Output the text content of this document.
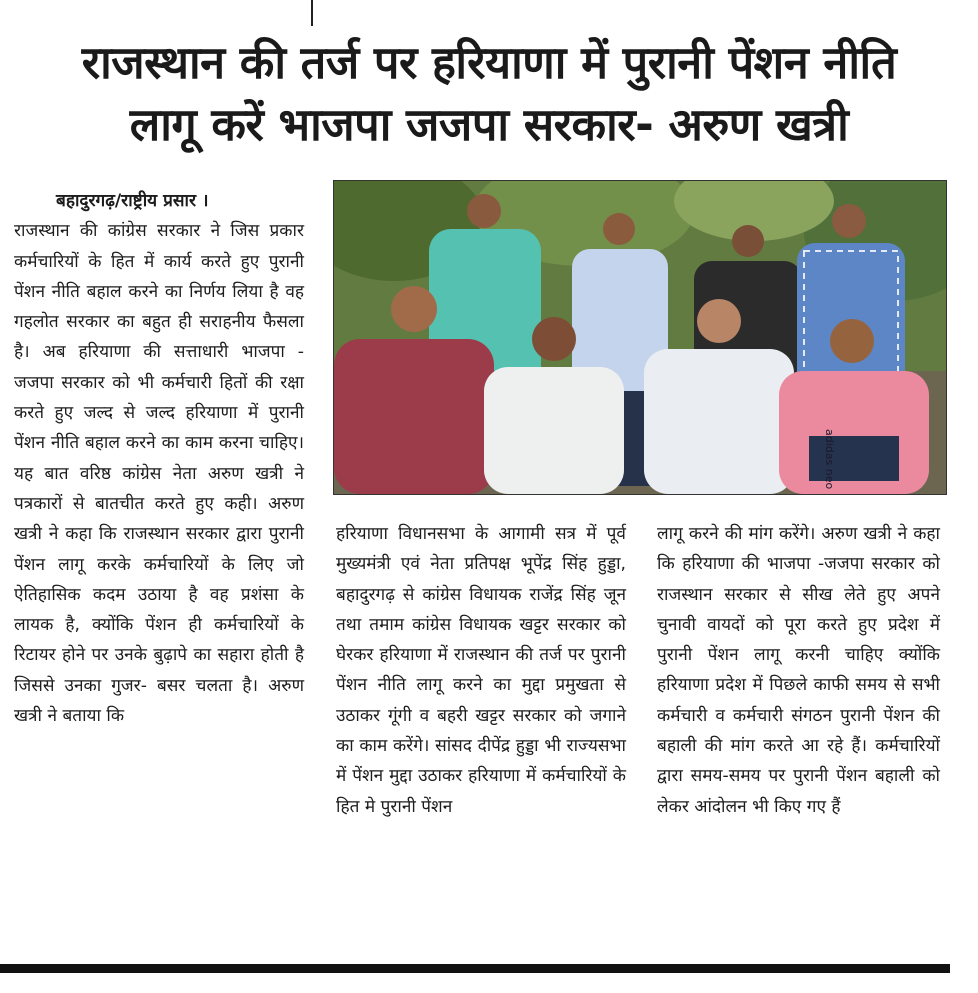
राजस्थान की तर्ज पर हरियाणा में पुरानी पेंशन नीति
लागू करें भाजपा जजपा सरकार- अरुण खत्री
बहादुरगढ़/राष्ट्रीय प्रसार ।

राजस्थान की कांग्रेस सरकार ने जिस प्रकार कर्मचारियों के हित में कार्य करते हुए पुरानी पेंशन नीति बहाल करने का निर्णय लिया है वह गहलोत सरकार का बहुत ही सराहनीय फैसला है। अब हरियाणा की सत्ताधारी भाजपा - जजपा सरकार को भी कर्मचारी हितों की रक्षा करते हुए जल्द से जल्द हरियाणा में पुरानी पेंशन नीति बहाल करने का काम करना चाहिए। यह बात वरिष्ठ कांग्रेस नेता अरुण खत्री ने पत्रकारों से बातचीत करते हुए कही। अरुण खत्री ने कहा कि राजस्थान सरकार द्वारा पुरानी पेंशन लागू करके कर्मचारियों के लिए जो ऐतिहासिक कदम उठाया है वह प्रशंसा के लायक है, क्योंकि पेंशन ही कर्मचारियों के रिटायर होने पर उनके बुढ़ापे का सहारा होती है जिससे उनका गुजर- बसर चलता है। अरुण खत्री ने बताया कि

adidas neo

हरियाणा विधानसभा के आगामी सत्र में पूर्व मुख्यमंत्री एवं नेता प्रतिपक्ष भूपेंद्र सिंह हुड्डा, बहादुरगढ़ से कांग्रेस विधायक राजेंद्र सिंह जून तथा तमाम कांग्रेस विधायक खट्टर सरकार को घेरकर हरियाणा में राजस्थान की तर्ज पर पुरानी पेंशन नीति लागू करने का मुद्दा प्रमुखता से उठाकर गूंगी व बहरी खट्टर सरकार को जगाने का काम करेंगे। सांसद दीपेंद्र हुड्डा भी राज्यसभा में पेंशन मुद्दा उठाकर हरियाणा में कर्मचारियों के हित मे पुरानी पेंशन

लागू करने की मांग करेंगे। अरुण खत्री ने कहा कि हरियाणा की भाजपा -जजपा सरकार को राजस्थान सरकार से सीख लेते हुए अपने चुनावी वायदों को पूरा करते हुए प्रदेश में पुरानी पेंशन लागू करनी चाहिए क्योंकि हरियाणा प्रदेश में पिछले काफी समय से सभी कर्मचारी व कर्मचारी संगठन पुरानी पेंशन की बहाली की मांग करते आ रहे हैं। कर्मचारियों द्वारा समय-समय पर पुरानी पेंशन बहाली को लेकर आंदोलन भी किए गए हैं
